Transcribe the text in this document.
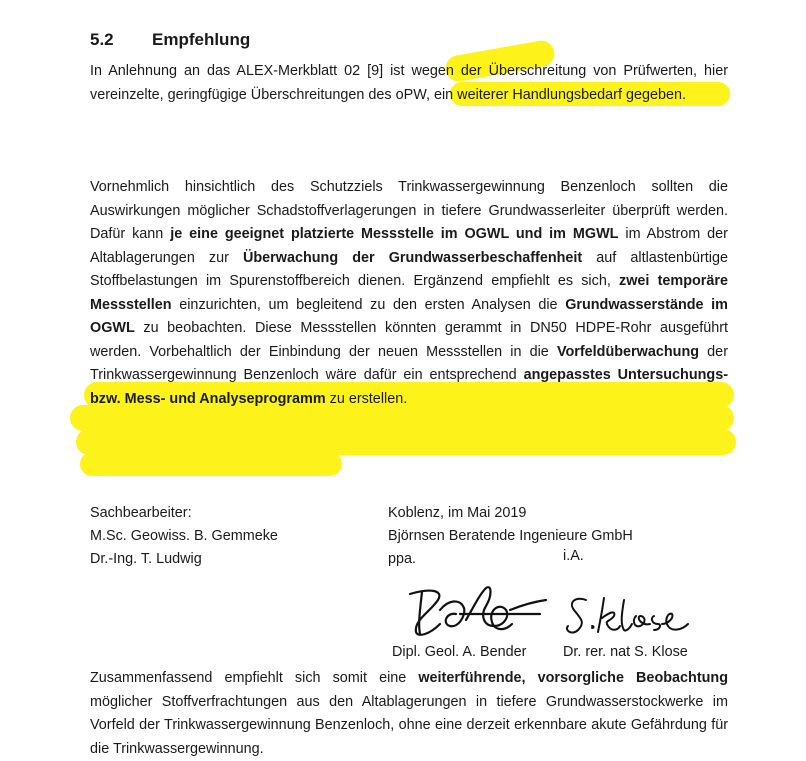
5.2 Empfehlung
In Anlehnung an das ALEX-Merkblatt 02 [9] ist wegen der Überschreitung von Prüfwerten, hier vereinzelte, geringfügige Überschreitungen des oPW, ein weiterer Handlungsbedarf gegeben.
Vornehmlich hinsichtlich des Schutzziels Trinkwassergewinnung Benzenloch sollten die Auswirkungen möglicher Schadstoffverlagerungen in tiefere Grundwasserleiter überprüft werden. Dafür kann je eine geeignet platzierte Messstelle im OGWL und im MGWL im Abstrom der Altablagerungen zur Überwachung der Grundwasserbeschaffenheit auf altlastenbürtige Stoffbelastungen im Spurenstoffbereich dienen. Ergänzend empfiehlt es sich, zwei temporäre Messstellen einzurichten, um begleitend zu den ersten Analysen die Grundwasserstände im OGWL zu beobachten. Diese Messstellen könnten gerammt in DN50 HDPE-Rohr ausgeführt werden. Vorbehaltlich der Einbindung der neuen Messstellen in die Vorfeldüberwachung der Trinkwassergewinnung Benzenloch wäre dafür ein entsprechend angepasstes Untersuchungs- bzw. Mess- und Analyseprogramm zu erstellen.
Zusammenfassend empfiehlt sich somit eine weiterführende, vorsorgliche Beobachtung möglicher Stoffverfrachtungen aus den Altablagerungen in tiefere Grundwasserstockwerke im Vorfeld der Trinkwassergewinnung Benzenloch, ohne eine derzeit erkennbare akute Gefährdung für die Trinkwassergewinnung.
Sachbearbeiter:
M.Sc. Geowiss. B. Gemmeke
Dr.-Ing. T. Ludwig
Koblenz, im Mai 2019
Björnsen Beratende Ingenieure GmbH
ppa.	i.A.
Dipl. Geol. A. Bender	Dr. rer. nat S. Klose
